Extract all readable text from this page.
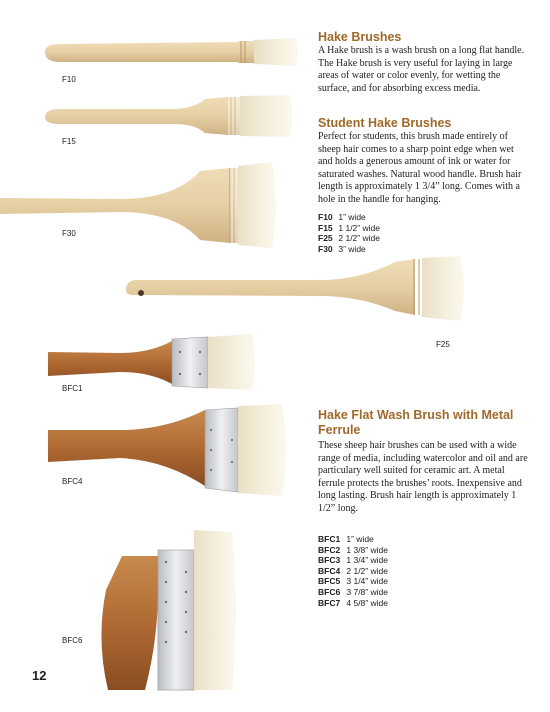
F10
F15
F30
F25
BFC1
BFC4
BFC6
Hake Brushes

A Hake brush is a wash brush on a long flat handle. The Hake brush is very useful for laying in large areas of water or color evenly, for wetting the surface, and for absorbing excess media.

Student Hake Brushes

Perfect for students, this brush made entirely of sheep hair comes to a sharp point edge when wet and holds a generous amount of ink or water for saturated washes. Natural wood handle. Brush hair length is approximately 1 3/4” long. Comes with a hole in the handle for hanging.

F10 1” wide
F15 1 1/2” wide
F25 2 1/2” wide
F30 3” wide
Hake Flat Wash Brush with Metal
Ferrule

These sheep hair brushes can be used with a wide range of media, including watercolor and oil and are particulary well suited for ceramic art. A metal ferrule protects the brushes’ roots. Inexpensive and long lasting. Brush hair length is approximately 1 1/2” long.

BFC1 1” wide
BFC2 1 3/8” wide
BFC3 1 3/4” wide
BFC4 2 1/2” wide
BFC5 3 1/4” wide
BFC6 3 7/8” wide
BFC7 4 5/8” wide
12
